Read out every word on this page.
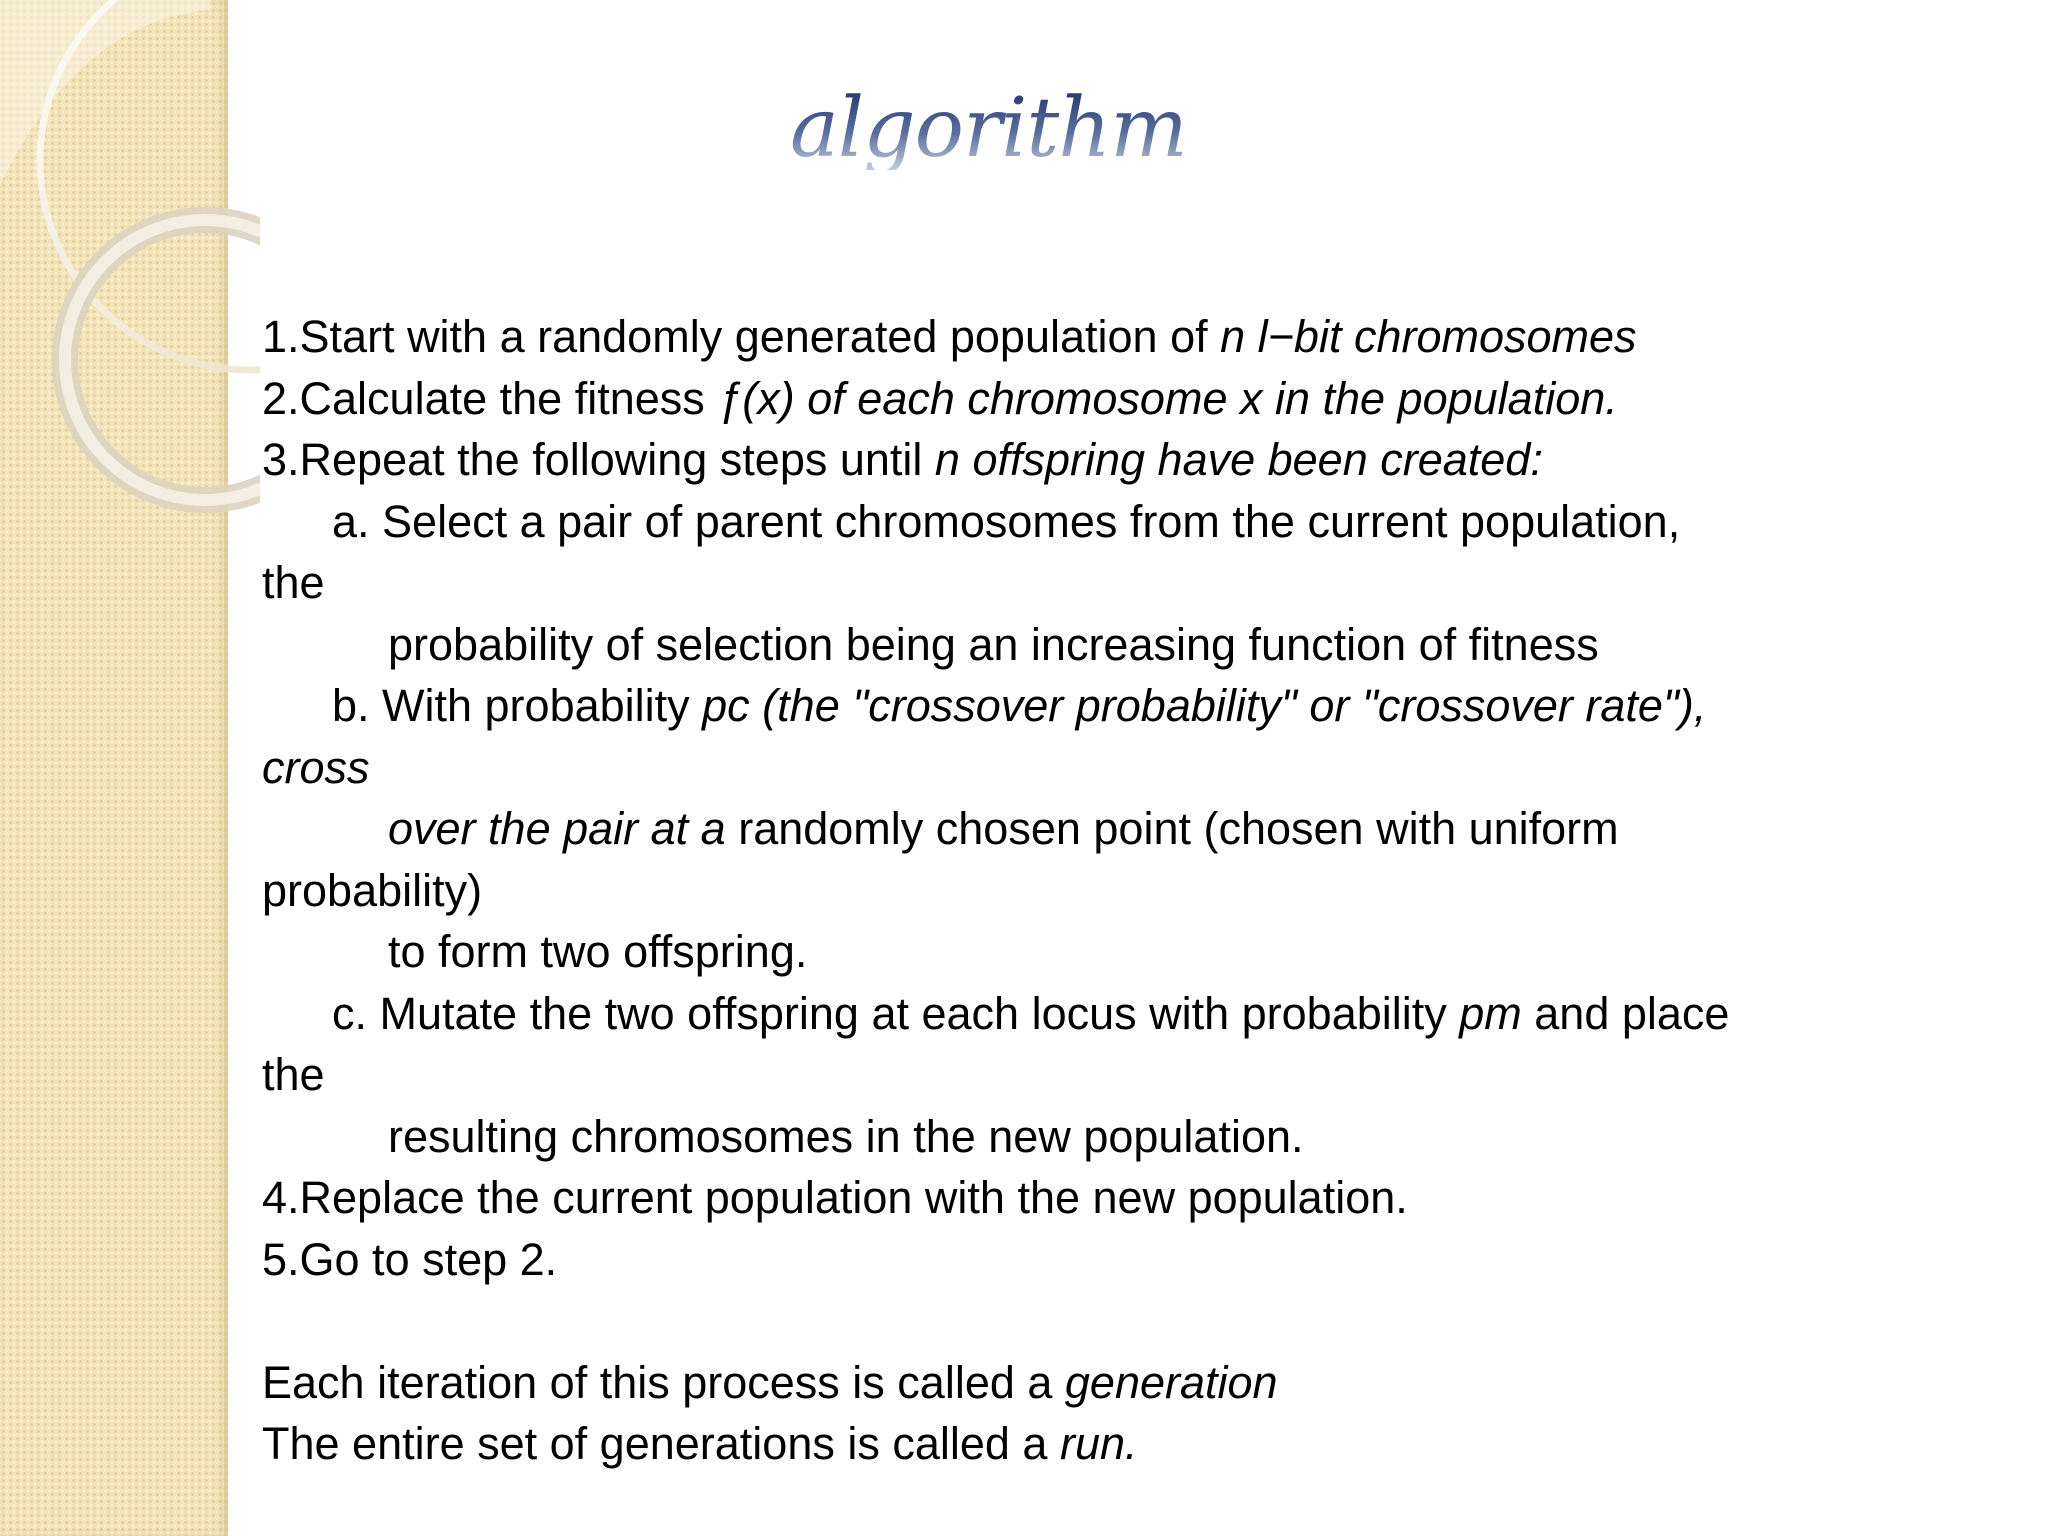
algorithm
1.Start with a randomly generated population of n l−bit chromosomes
2.Calculate the fitness ƒ(x) of each chromosome x in the population.
3.Repeat the following steps until n offspring have been created:
a. Select a pair of parent chromosomes from the current population,
the
probability of selection being an increasing function of fitness
b. With probability pc (the "crossover probability" or "crossover rate"),
cross
over the pair at a randomly chosen point (chosen with uniform
probability)
to form two offspring.
c. Mutate the two offspring at each locus with probability pm and place
the
resulting chromosomes in the new population.
4.Replace the current population with the new population.
5.Go to step 2.
Each iteration of this process is called a generation
The entire set of generations is called a run.
